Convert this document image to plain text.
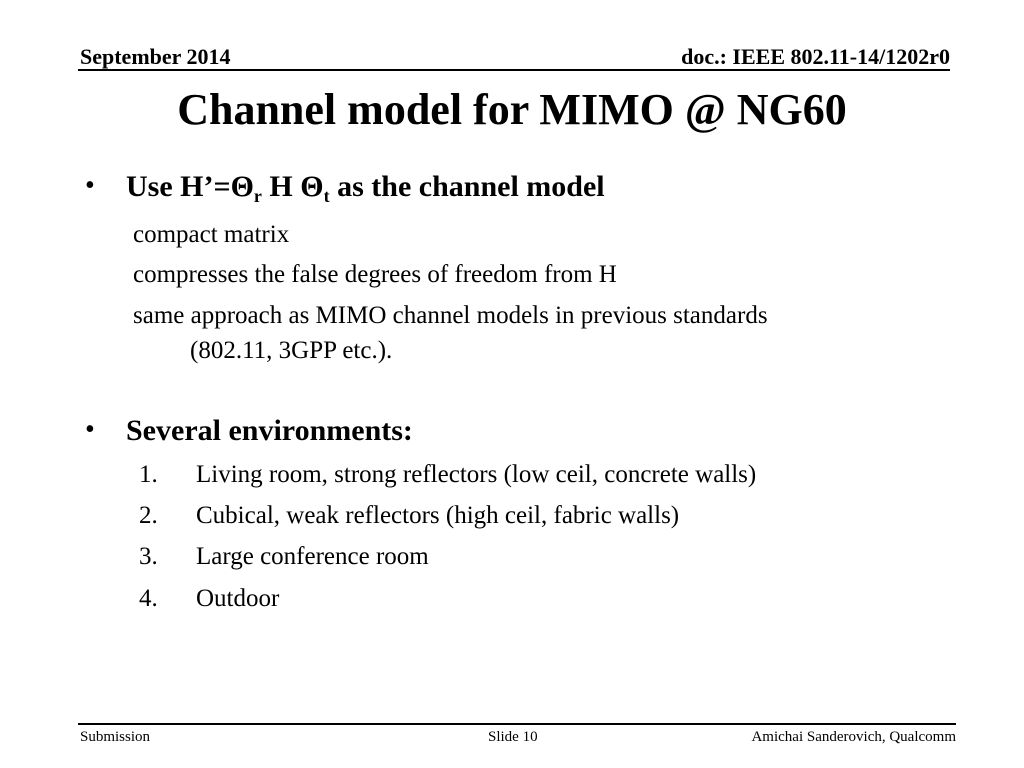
September 2014	doc.: IEEE 802.11-14/1202r0
Channel model for MIMO @ NG60
• Use $H’=\Theta_r$ H $\Theta_t$ as the channel model
compact matrix
compresses the false degrees of freedom from H
same approach as MIMO channel models in previous standards
(802.11, 3GPP etc.).
• Several environments:
1.	Living room, strong reflectors (low ceil, concrete walls)
2.	Cubical, weak reflectors (high ceil, fabric walls)
3.	Large conference room
4.	Outdoor
Submission	Slide 10	Amichai Sanderovich, Qualcomm
